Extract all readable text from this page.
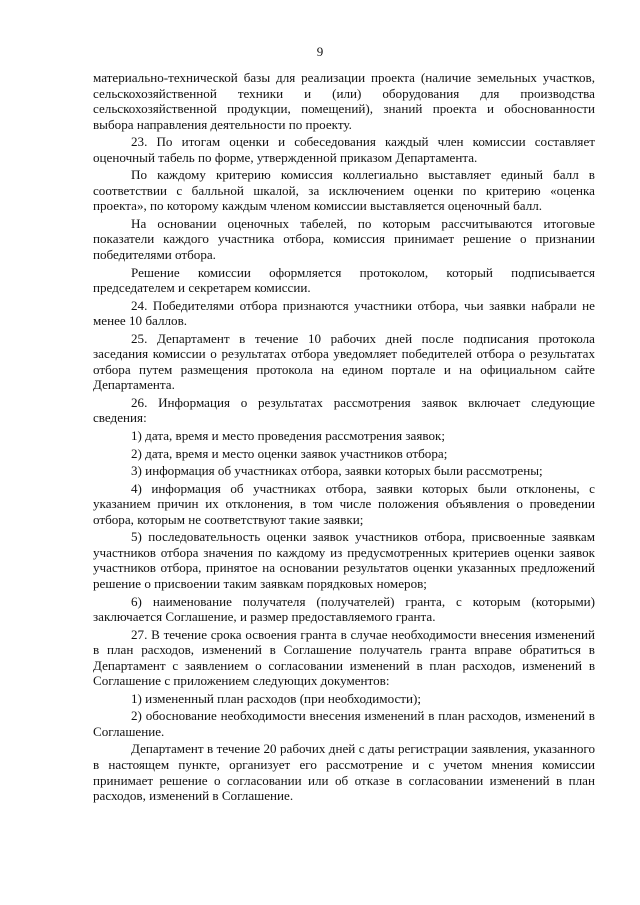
9

материально-технической базы для реализации проекта (наличие земельных участков, сельскохозяйственной техники и (или) оборудования для производства сельскохозяйственной продукции, помещений), знаний проекта и обоснованности выбора направления деятельности по проекту.

23. По итогам оценки и собеседования каждый член комиссии составляет оценочный табель по форме, утвержденной приказом Департамента.

По каждому критерию комиссия коллегиально выставляет единый балл в соответствии с балльной шкалой, за исключением оценки по критерию «оценка проекта», по которому каждым членом комиссии выставляется оценочный балл.

На основании оценочных табелей, по которым рассчитываются итоговые показатели каждого участника отбора, комиссия принимает решение о признании победителями отбора.

Решение комиссии оформляется протоколом, который подписывается председателем и секретарем комиссии.

24. Победителями отбора признаются участники отбора, чьи заявки набрали не менее 10 баллов.

25. Департамент в течение 10 рабочих дней после подписания протокола заседания комиссии о результатах отбора уведомляет победителей отбора о результатах отбора путем размещения протокола на едином портале и на официальном сайте Департамента.

26. Информация о результатах рассмотрения заявок включает следующие сведения:

1) дата, время и место проведения рассмотрения заявок;

2) дата, время и место оценки заявок участников отбора;

3) информация об участниках отбора, заявки которых были рассмотрены;

4) информация об участниках отбора, заявки которых были отклонены, с указанием причин их отклонения, в том числе положения объявления о проведении отбора, которым не соответствуют такие заявки;

5) последовательность оценки заявок участников отбора, присвоенные заявкам участников отбора значения по каждому из предусмотренных критериев оценки заявок участников отбора, принятое на основании результатов оценки указанных предложений решение о присвоении таким заявкам порядковых номеров;

6) наименование получателя (получателей) гранта, с которым (которыми) заключается Соглашение, и размер предоставляемого гранта.

27. В течение срока освоения гранта в случае необходимости внесения изменений в план расходов, изменений в Соглашение получатель гранта вправе обратиться в Департамент с заявлением о согласовании изменений в план расходов, изменений в Соглашение с приложением следующих документов:

1) измененный план расходов (при необходимости);

2) обоснование необходимости внесения изменений в план расходов, изменений в Соглашение.

Департамент в течение 20 рабочих дней с даты регистрации заявления, указанного в настоящем пункте, организует его рассмотрение и с учетом мнения комиссии принимает решение о согласовании или об отказе в согласовании изменений в план расходов, изменений в Соглашение.
